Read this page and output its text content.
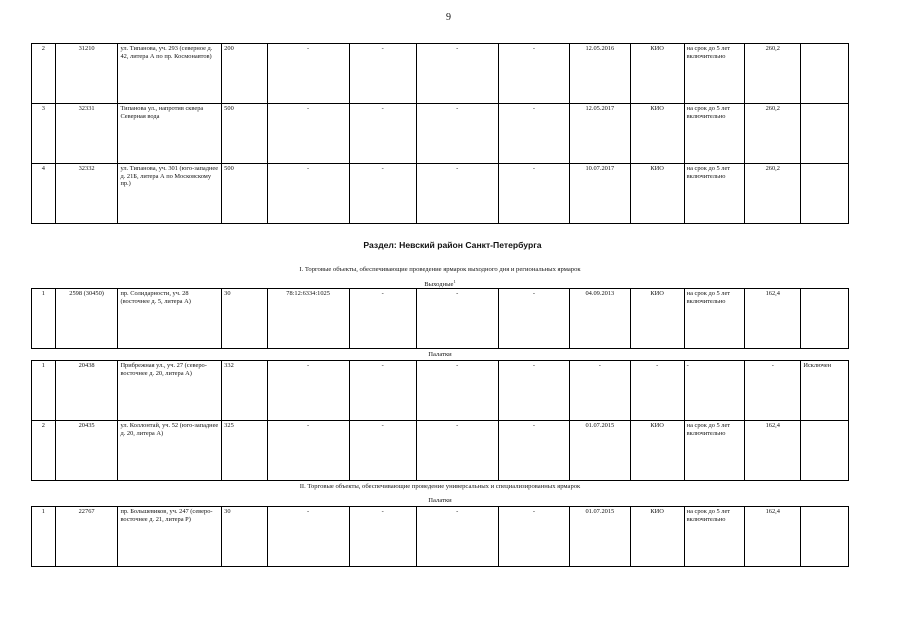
9
2	31210	ул. Типанова, уч. 293 (северное д. 42, литера А по пр. Космонавтов)	200	-	-	-	-	12.05.2016	КИО	на срок до 5 лет включительно	260,2	
3	32331	Типанова ул., напротив сквера Северная вода	500	-	-	-	-	12.05.2017	КИО	на срок до 5 лет включительно	260,2	
4	32332	ул. Типанова, уч. 301 (юго-западнее д. 21Б, литера А по Московскому пр.)	500	-	-	-	-	10.07.2017	КИО	на срок до 5 лет включительно	260,2	
Раздел: Невский район Санкт-Петербурга
I. Торговые объекты, обеспечивающие проведение ярмарок выходного дня и региональных ярмарок
Выходные$^1$
1	2598 (30450)	пр. Солидарности, уч. 28 (восточнее д. 5, литера А)	30	78:12:6334:1025	-	-	-	04.09.2013	КИО	на срок до 5 лет включительно	162,4	
Палатки
1	20438	Прибрежная ул., уч. 27 (северо-восточнее д. 20, литера А)	332	-	-	-	-	-	-	-	-	Исключен
2	20435	ул. Коллонтай, уч. 52 (юго-западнее д. 20, литера А)	325	-	-	-	-	01.07.2015	КИО	на срок до 5 лет включительно	162,4	
II. Торговые объекты, обеспечивающие проведение универсальных и специализированных ярмарок
Палатки
1	22767	пр. Большевиков, уч. 247 (северо-восточнее д. 21, литера Р)	30	-	-	-	-	01.07.2015	КИО	на срок до 5 лет включительно	162,4	
